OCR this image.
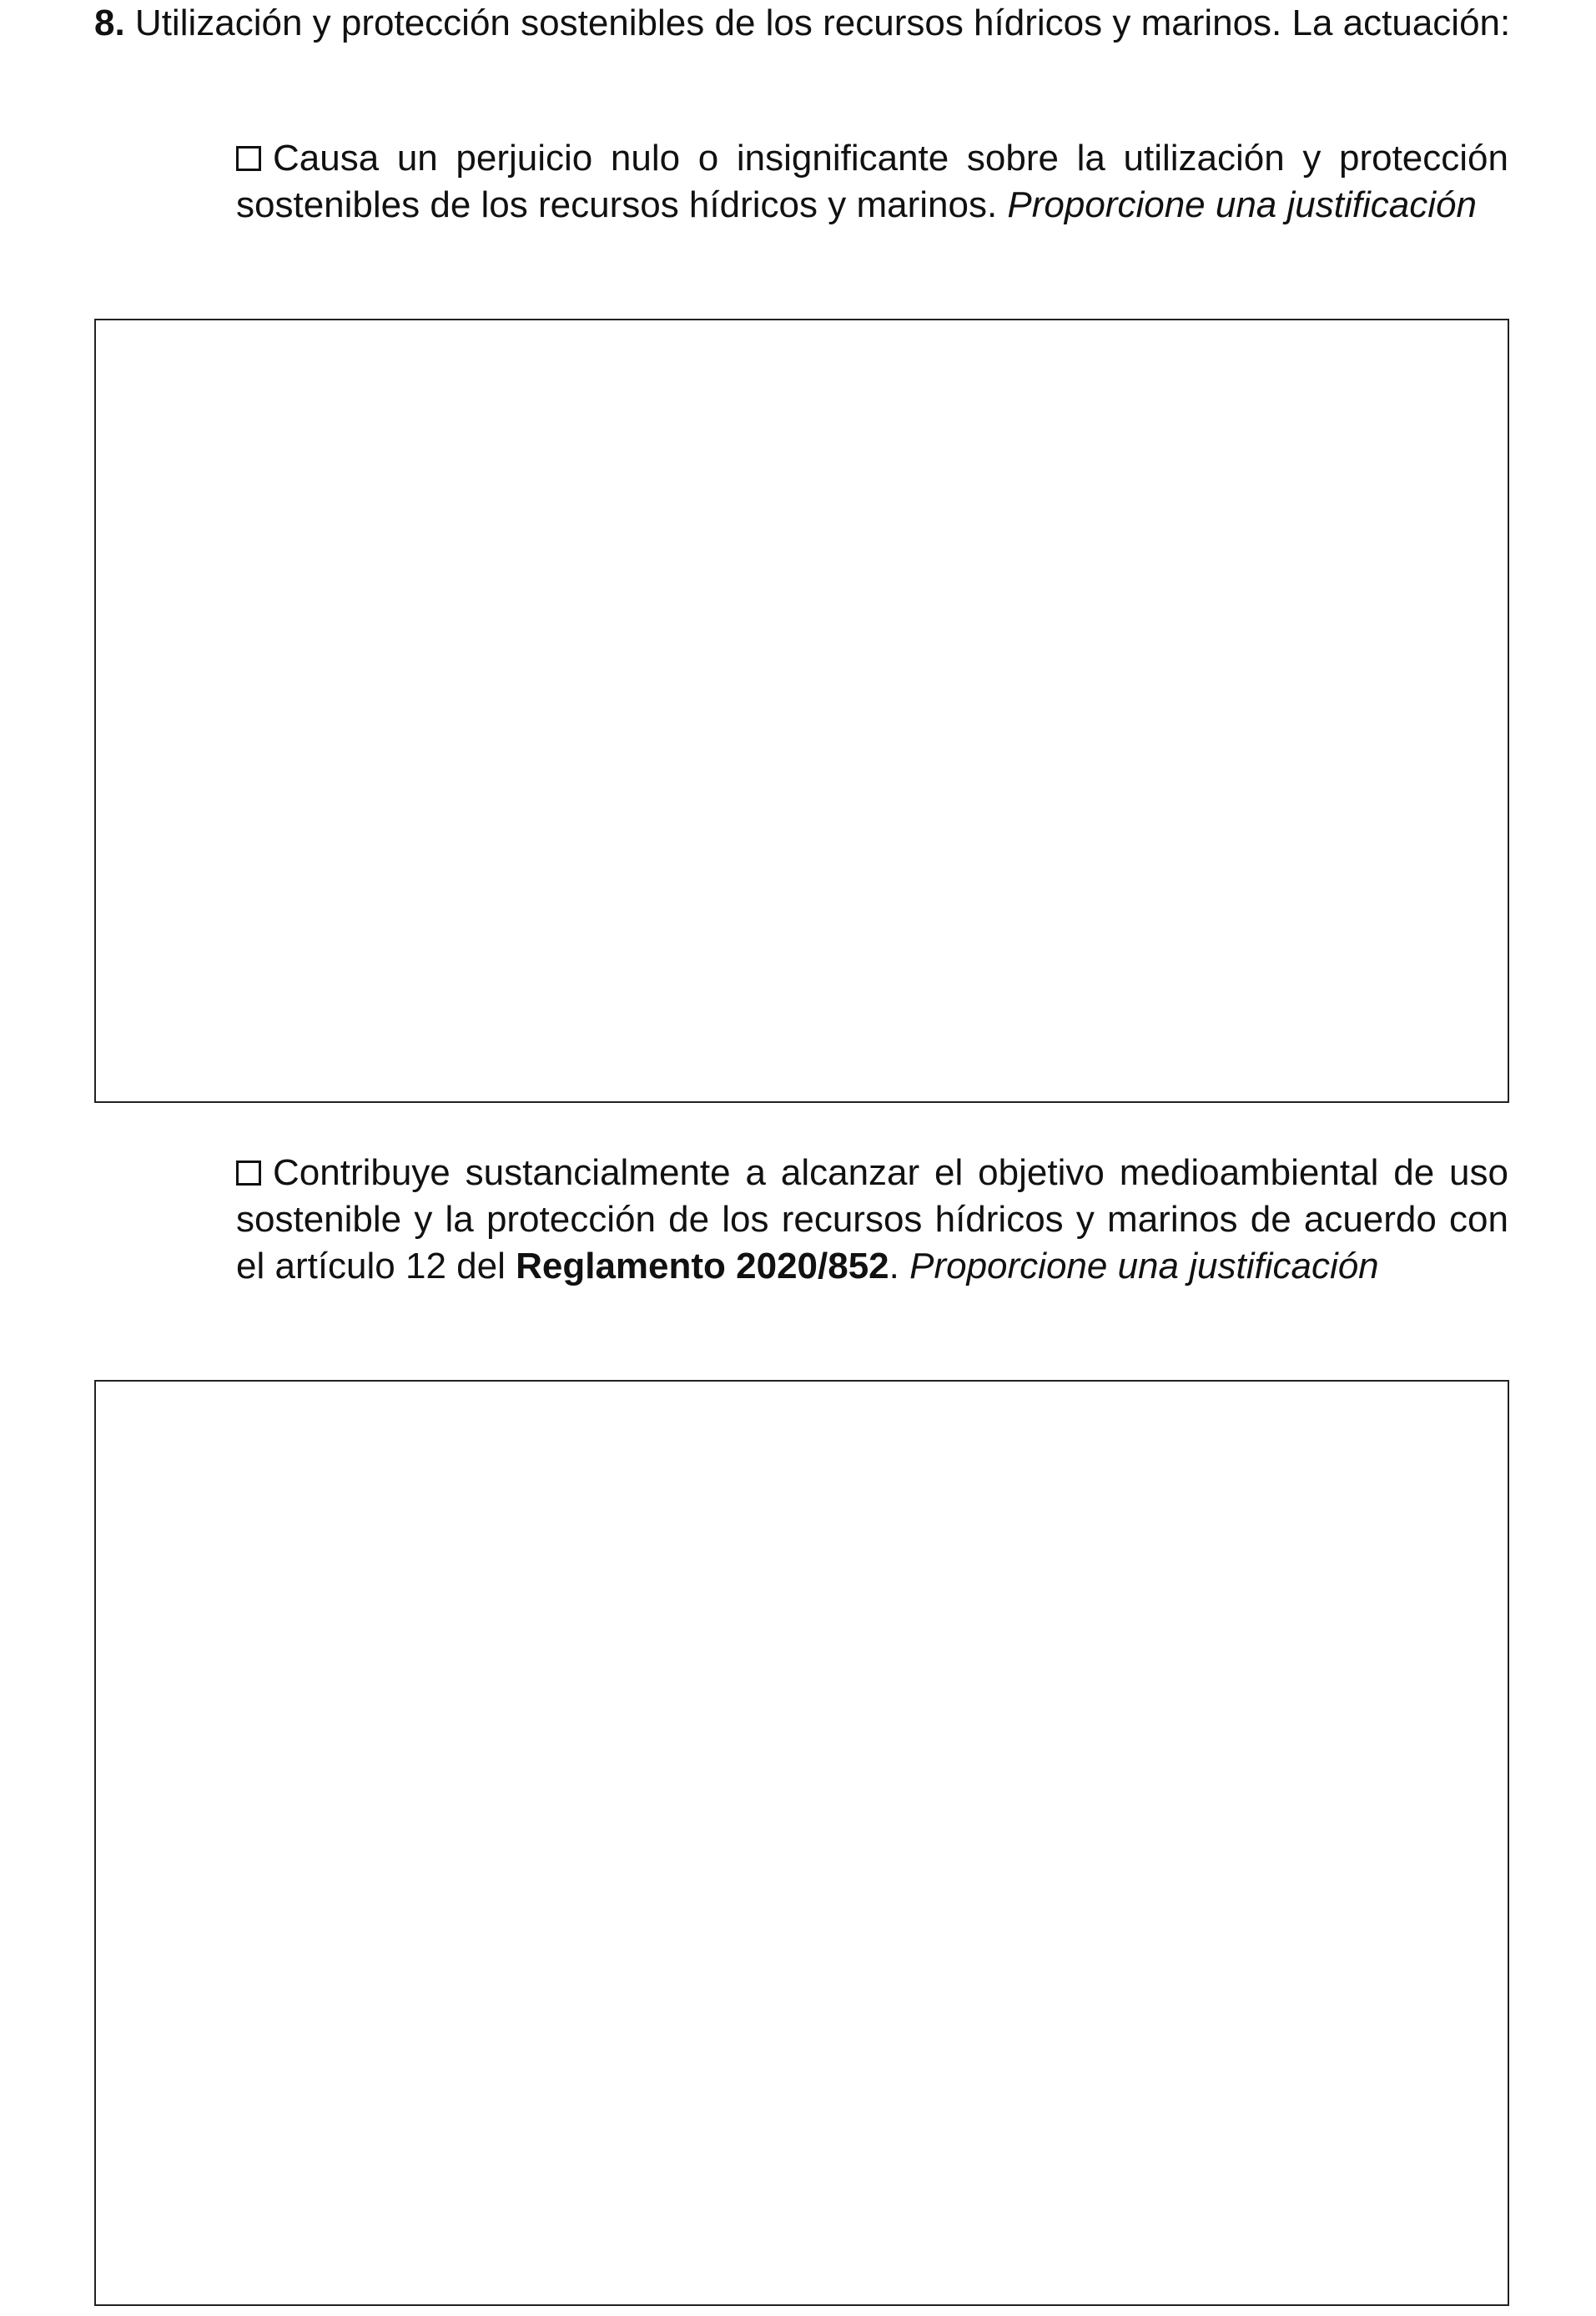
8. Utilización y protección sostenibles de los recursos hídricos y marinos. La actuación:
Causa un perjuicio nulo o insignificante sobre la utilización y protección sostenibles de los recursos hídricos y marinos. Proporcione una justificación
Contribuye sustancialmente a alcanzar el objetivo medioambiental de uso sostenible y la protección de los recursos hídricos y marinos de acuerdo con el artículo 12 del Reglamento 2020/852. Proporcione una justificación
